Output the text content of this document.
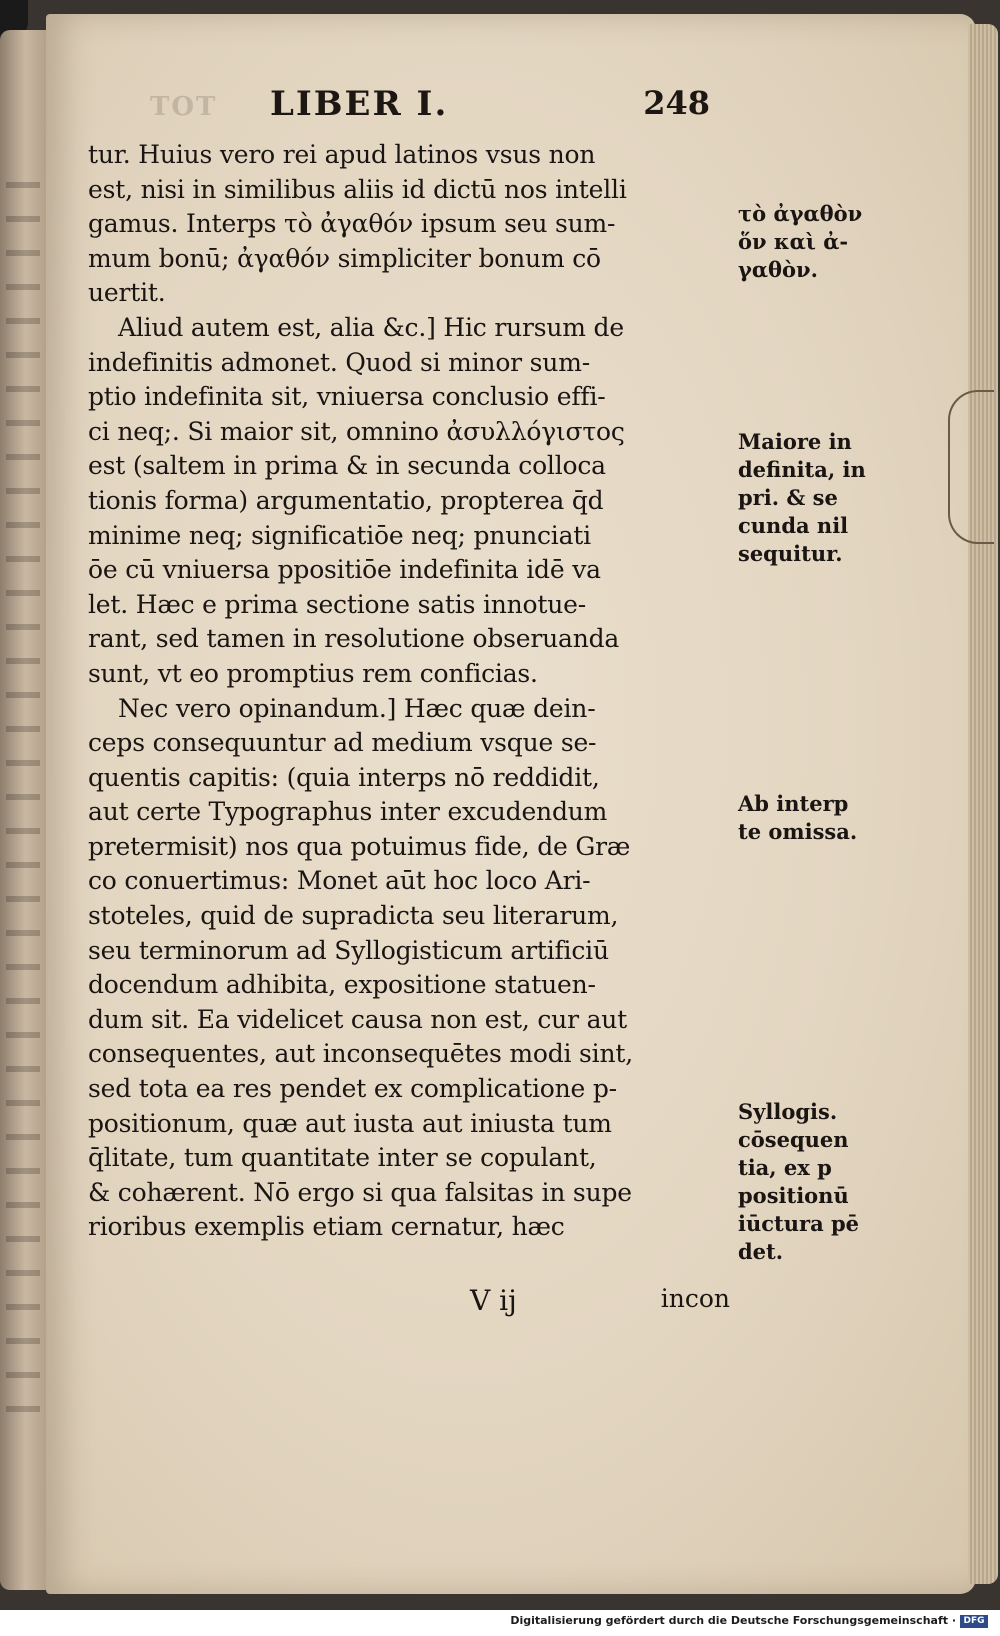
TOT LIBER I.	248
tur. Huius vero rei apud latinos vsus non
est, nisi in similibus aliis id dictū nos intelli
gamus. Interps τὸ ἀγαθόν ipsum seu sum-
mum bonū; ἀγαθόν simpliciter bonum cō
uertit.
Aliud autem est, alia &c.] Hic rursum de
indefinitis admonet. Quod si minor sum-
ptio indefinita sit, vniuersa conclusio effi-
ci neq;. Si maior sit, omnino ἀσυλλόγιστος
est (saltem in prima & in secunda colloca
tionis forma) argumentatio, propterea q̄d
minime neq; significatiōe neq; pnunciati
ōe cū vniuersa ppositiōe indefinita idē va
let. Hæc e prima sectione satis innotue-
rant, sed tamen in resolutione obseruanda
sunt, vt eo promptius rem conficias.
Nec vero opinandum.] Hæc quæ dein-
ceps consequuntur ad medium vsque se-
quentis capitis: (quia interps nō reddidit,
aut certe Typographus inter excudendum
pretermisit) nos qua potuimus fide, de Græ
co conuertimus: Monet aūt hoc loco Ari-
stoteles, quid de supradicta seu literarum,
seu terminorum ad Syllogisticum artificiū
docendum adhibita, expositione statuen-
dum sit. Ea videlicet causa non est, cur aut
consequentes, aut inconsequētes modi sint,
sed tota ea res pendet ex complicatione p-
positionum, quæ aut iusta aut iniusta tum
q̄litate, tum quantitate inter se copulant,
& cohærent. Nō ergo si qua falsitas in supe
rioribus exemplis etiam cernatur, hæc
V ij	incon
τὸ ἀγαθὸν
ὅν καὶ ἀ-
γαθὸν.
Maiore in
definita, in
pri. & se
cunda nil
sequitur.
Ab interp
te omissa.
Syllogis.
cōsequen
tia, ex p
positionū
iūctura pē
det.
Digitalisierung gefördert durch die Deutsche Forschungsgemeinschaft · DFG
